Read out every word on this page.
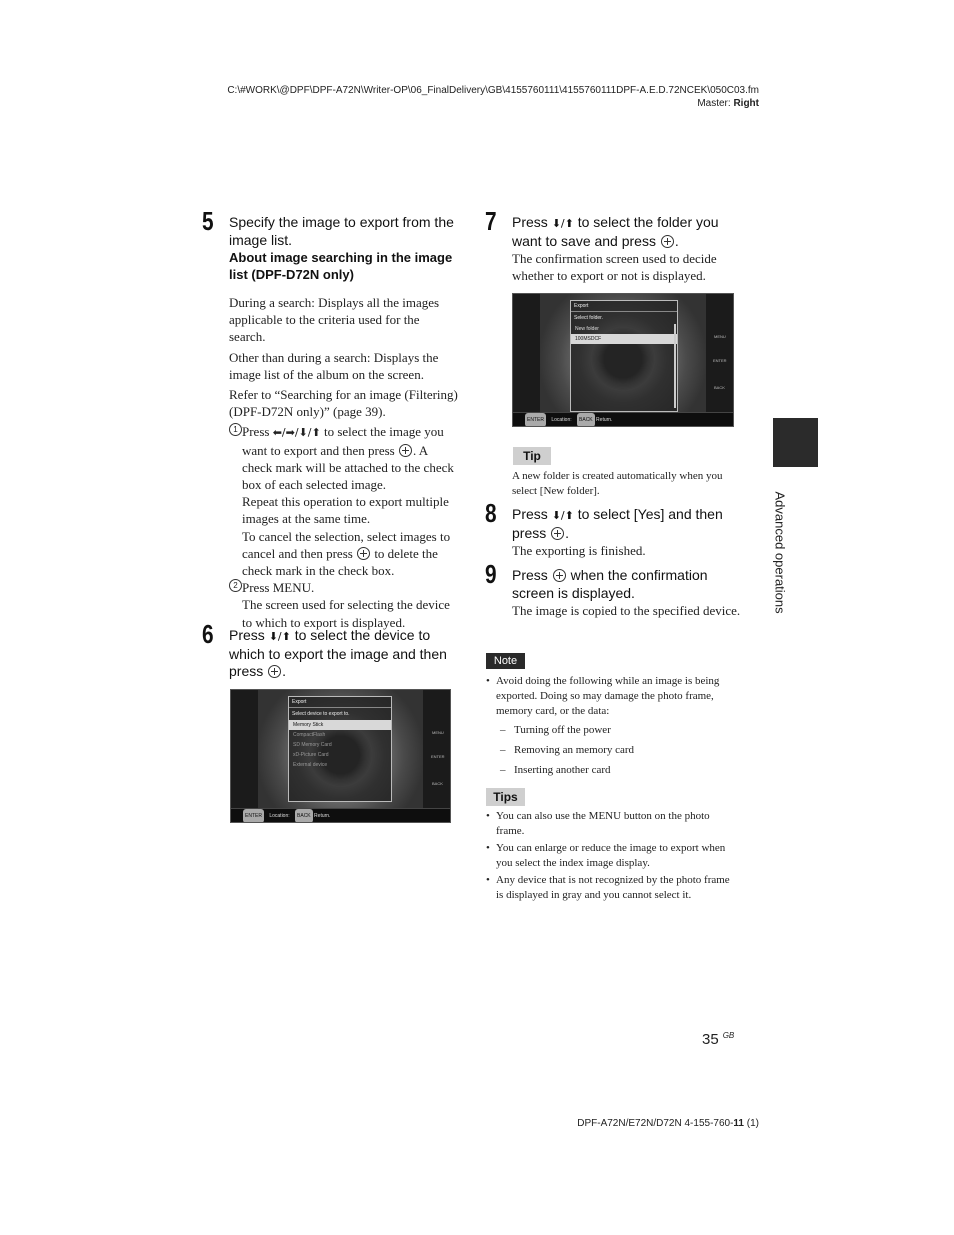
C:\#WORK\@DPF\DPF-A72N\Writer-OP\06_FinalDelivery\GB\4155760111\4155760111DPF-A.E.D.72NCEK\050C03.fm
Master: Right
Advanced operations
5 Specify the image to export from the image list.
About image searching in the image list (DPF-D72N only)

During a search: Displays all the images applicable to the criteria used for the search.

Other than during a search: Displays the image list of the album on the screen.

Refer to “Searching for an image (Filtering) (DPF-D72N only)” (page 39).

1 Press ⬅/➡/⬇/⬆ to select the image you want to export and then press . A check mark will be attached to the check box of each selected image.
Repeat this operation to export multiple images at the same time.
To cancel the selection, select images to cancel and then press  to delete the check mark in the check box.
2 Press MENU.
The screen used for selecting the device to which to export is displayed.
6 Press ⬇/⬆ to select the device to which to export the image and then press .
Export
Select device to export to.
Memory Stick
CompactFlash
SD Memory Card
xD-Picture Card
External device
MENU
ENTER
BACK
ENTER Location: BACK Return.
7 Press ⬇/⬆ to select the folder you want to save and press .
The confirmation screen used to decide whether to export or not is displayed.
Export
Select folder.
New folder
100MSDCF	MENU
ENTER
BACK
ENTER Location: BACK Return.
Tip
A new folder is created automatically when you select [New folder].
8 Press ⬇/⬆ to select [Yes] and then press .
The exporting is finished.
9 Press  when the confirmation screen is displayed.
The image is copied to the specified device.
Note
• Avoid doing the following while an image is being exported. Doing so may damage the photo frame, memory card, or the data:
– Turning off the power
– Removing an memory card
– Inserting another card
Tips
• You can also use the MENU button on the photo frame.
• You can enlarge or reduce the image to export when you select the index image display.
• Any device that is not recognized by the photo frame is displayed in gray and you cannot select it.
35 $^{GB}$
DPF-A72N/E72N/D72N 4-155-760-11 (1)
